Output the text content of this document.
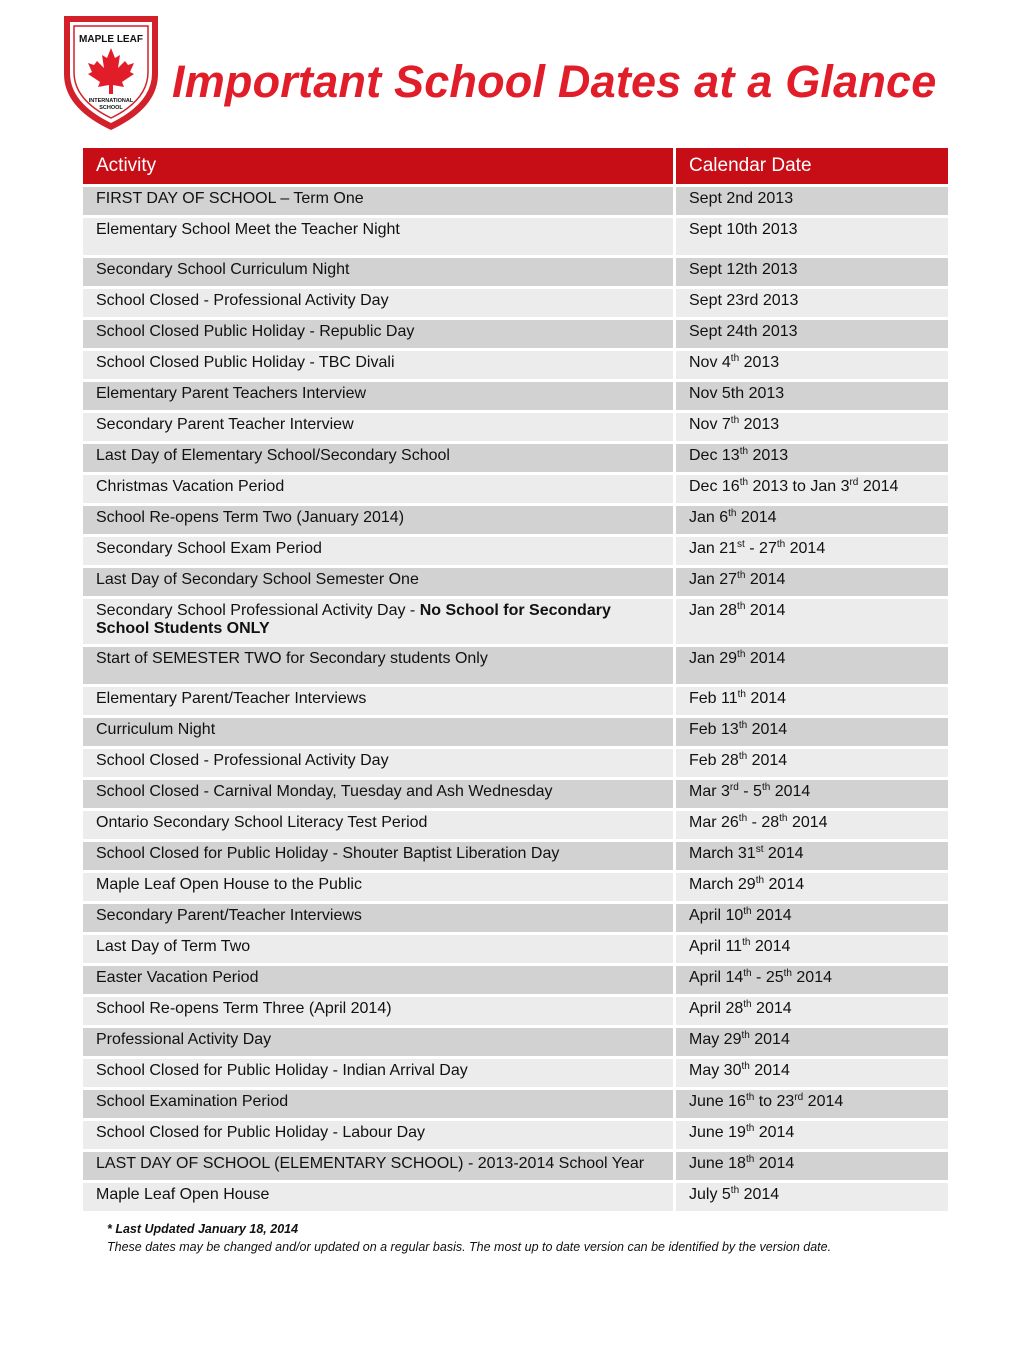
MAPLE LEAF
INTERNATIONAL
SCHOOL
Important School Dates at a Glance
Activity	Calendar Date
FIRST DAY OF SCHOOL – Term One	Sept 2nd 2013
Elementary School Meet the Teacher Night	Sept 10th 2013
Secondary School Curriculum Night	Sept 12th 2013
School Closed - Professional Activity Day	Sept 23rd 2013
School Closed Public Holiday - Republic Day	Sept 24th 2013
School Closed Public Holiday - TBC Divali	Nov 4th 2013
Elementary Parent Teachers Interview	Nov 5th 2013
Secondary Parent Teacher Interview	Nov 7th 2013
Last Day of Elementary School/Secondary School	Dec 13th 2013
Christmas Vacation Period	Dec 16th 2013 to Jan 3rd 2014
School Re-opens Term Two (January 2014)	Jan 6th 2014
Secondary School Exam Period	Jan 21st - 27th 2014
Last Day of Secondary School Semester One	Jan 27th 2014
Secondary School Professional Activity Day - No School for Secondary School Students ONLY	Jan 28th 2014
Start of SEMESTER TWO for Secondary students Only	Jan 29th 2014
Elementary Parent/Teacher Interviews	Feb 11th 2014
Curriculum Night	Feb 13th 2014
School Closed - Professional Activity Day	Feb 28th 2014
School Closed - Carnival Monday, Tuesday and Ash Wednesday	Mar 3rd - 5th 2014
Ontario Secondary School Literacy Test Period	Mar 26th - 28th 2014
School Closed for Public Holiday - Shouter Baptist Liberation Day	March 31st 2014
Maple Leaf Open House to the Public	March 29th 2014
Secondary Parent/Teacher Interviews	April 10th 2014
Last Day of Term Two	April 11th 2014
Easter Vacation Period	April 14th - 25th 2014
School Re-opens Term Three (April 2014)	April 28th 2014
Professional Activity Day	May 29th 2014
School Closed for Public Holiday - Indian Arrival Day	May 30th 2014
School Examination Period	June 16th to 23rd 2014
School Closed for Public Holiday - Labour Day	June 19th 2014
LAST DAY OF SCHOOL (ELEMENTARY SCHOOL) - 2013-2014 School Year	June 18th 2014
Maple Leaf Open House	July 5th 2014
* Last Updated January 18, 2014
These dates may be changed and/or updated on a regular basis. The most up to date version can be identified by the version date.
